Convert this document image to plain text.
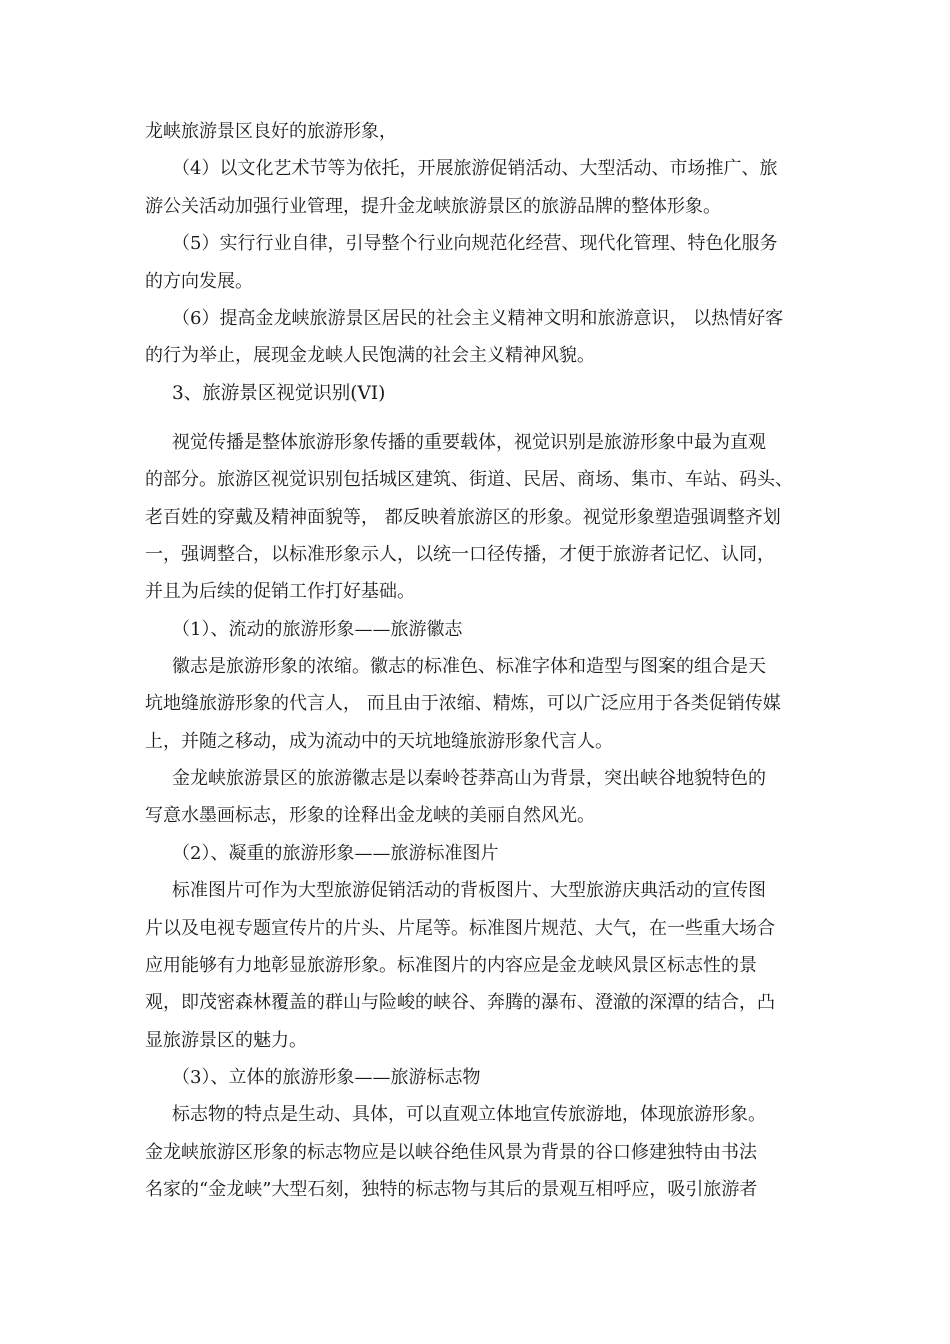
龙峡旅游景区良好的旅游形象，
（4）以文化艺术节等为依托，开展旅游促销活动、大型活动、市场推广、旅
游公关活动加强行业管理，提升金龙峡旅游景区的旅游品牌的整体形象。
（5）实行行业自律，引导整个行业向规范化经营、现代化管理、特色化服务
的方向发展。
（6）提高金龙峡旅游景区居民的社会主义精神文明和旅游意识， 以热情好客
的行为举止，展现金龙峡人民饱满的社会主义精神风貌。
3、旅游景区视觉识别(VI)
视觉传播是整体旅游形象传播的重要载体，视觉识别是旅游形象中最为直观
的部分。旅游区视觉识别包括城区建筑、街道、民居、商场、集市、车站、码头、
老百姓的穿戴及精神面貌等， 都反映着旅游区的形象。视觉形象塑造强调整齐划
一，强调整合，以标准形象示人，以统一口径传播，才便于旅游者记忆、认同，
并且为后续的促销工作打好基础。
（1）、流动的旅游形象——旅游徽志
徽志是旅游形象的浓缩。徽志的标准色、标准字体和造型与图案的组合是天
坑地缝旅游形象的代言人， 而且由于浓缩、精炼，可以广泛应用于各类促销传媒
上，并随之移动，成为流动中的天坑地缝旅游形象代言人。
金龙峡旅游景区的旅游徽志是以秦岭苍莽高山为背景，突出峡谷地貌特色的
写意水墨画标志，形象的诠释出金龙峡的美丽自然风光。
（2）、凝重的旅游形象——旅游标准图片
标准图片可作为大型旅游促销活动的背板图片、大型旅游庆典活动的宣传图
片以及电视专题宣传片的片头、片尾等。标准图片规范、大气，在一些重大场合
应用能够有力地彰显旅游形象。标准图片的内容应是金龙峡风景区标志性的景
观，即茂密森林覆盖的群山与险峻的峡谷、奔腾的瀑布、澄澈的深潭的结合，凸
显旅游景区的魅力。
（3）、立体的旅游形象——旅游标志物
标志物的特点是生动、具体，可以直观立体地宣传旅游地，体现旅游形象。
金龙峡旅游区形象的标志物应是以峡谷绝佳风景为背景的谷口修建独特由书法
名家的“金龙峡”大型石刻，独特的标志物与其后的景观互相呼应，吸引旅游者
